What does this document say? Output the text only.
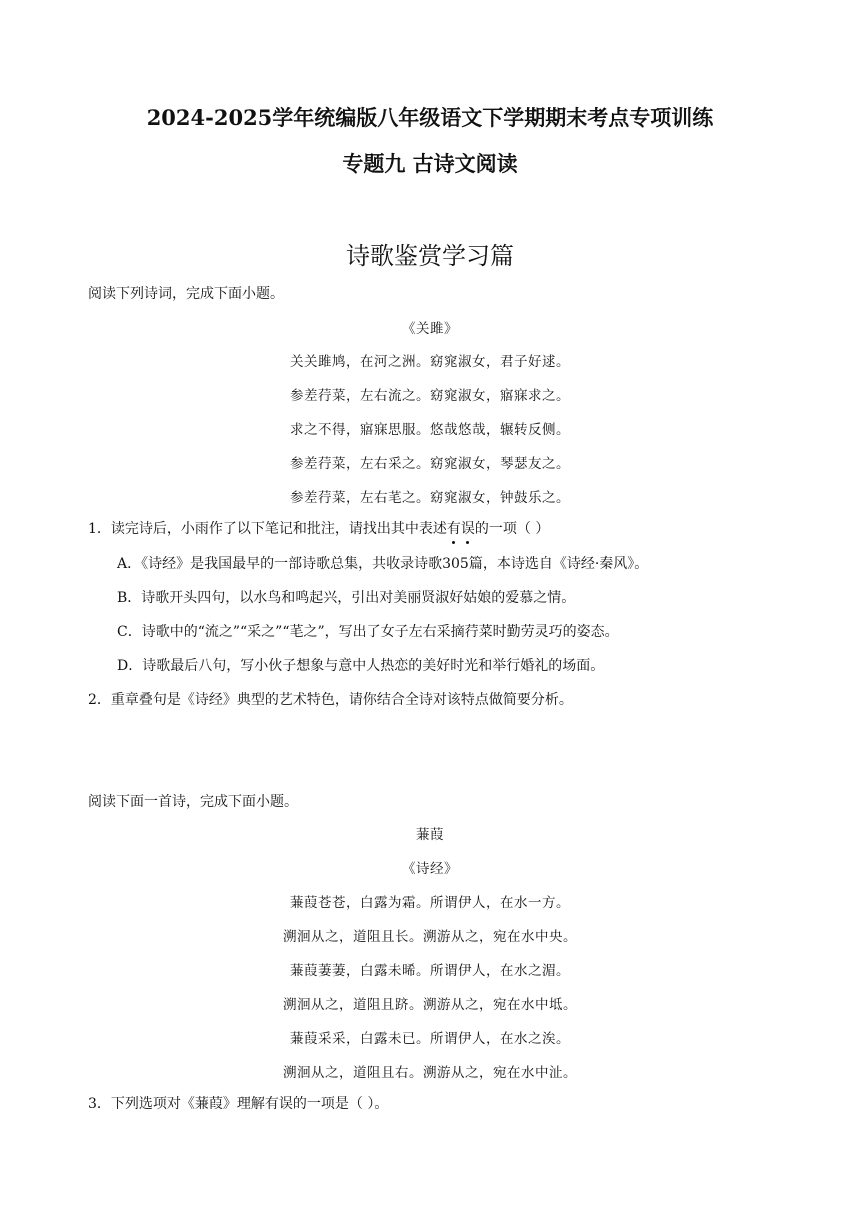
2024-2025学年统编版八年级语文下学期期末考点专项训练
专题九 古诗文阅读
诗歌鉴赏学习篇
阅读下列诗词，完成下面小题。
《关雎》
关关雎鸠，在河之洲。窈窕淑女，君子好逑。
参差荇菜，左右流之。窈窕淑女，寤寐求之。
求之不得，寤寐思服。悠哉悠哉，辗转反侧。
参差荇菜，左右采之。窈窕淑女，琴瑟友之。
参差荇菜，左右芼之。窈窕淑女，钟鼓乐之。
1．读完诗后，小雨作了以下笔记和批注，请找出其中表述有误的一项（ ）
A．《诗经》是我国最早的一部诗歌总集，共收录诗歌305篇，本诗选自《诗经·秦风》。
B．诗歌开头四句，以水鸟和鸣起兴，引出对美丽贤淑好姑娘的爱慕之情。
C．诗歌中的“流之”“采之”“芼之”，写出了女子左右采摘荇菜时勤劳灵巧的姿态。
D．诗歌最后八句，写小伙子想象与意中人热恋的美好时光和举行婚礼的场面。
2．重章叠句是《诗经》典型的艺术特色，请你结合全诗对该特点做简要分析。
阅读下面一首诗，完成下面小题。
蒹葭
《诗经》
蒹葭苍苍，白露为霜。所谓伊人，在水一方。
溯洄从之，道阻且长。溯游从之，宛在水中央。
蒹葭萋萋，白露未晞。所谓伊人，在水之湄。
溯洄从之，道阻且跻。溯游从之，宛在水中坻。
蒹葭采采，白露未已。所谓伊人，在水之涘。
溯洄从之，道阻且右。溯游从之，宛在水中沚。
3．下列选项对《蒹葭》理解有误的一项是（ ）。
